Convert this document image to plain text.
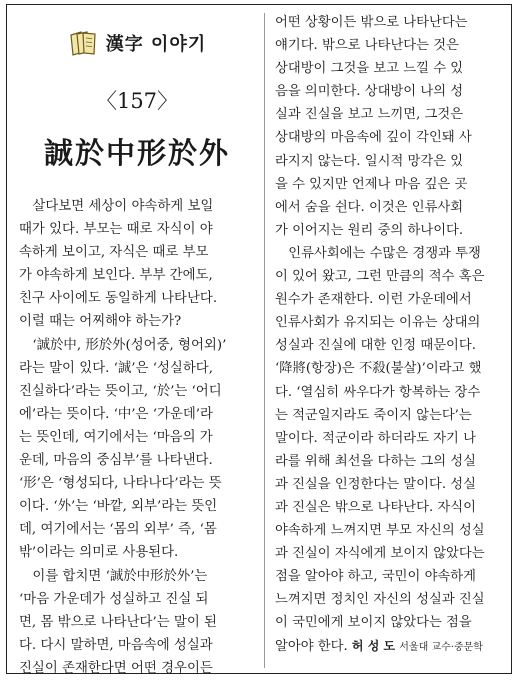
漢字 이야기
〈157〉
誠於中形於外
　살다보면 세상이 야속하게 보일
때가 있다. 부모는 때로 자식이 야
속하게 보이고, 자식은 때로 부모
가 야속하게 보인다. 부부 간에도,
친구 사이에도 동일하게 나타난다.
이럴 때는 어찌해야 하는가?
　‘誠於中, 形於外(성어중, 형어외)’
라는 말이 있다. ‘誠’은 ‘성실하다,
진실하다’라는 뜻이고, ‘於’는 ‘어디
에’라는 뜻이다. ‘中’은 ‘가운데’라
는 뜻인데, 여기에서는 ‘마음의 가
운데, 마음의 중심부’를 나타낸다.
‘形’은 ‘형성되다, 나타나다’라는 뜻
이다. ‘外’는 ‘바깥, 외부’라는 뜻인
데, 여기에서는 ‘몸의 외부’ 즉, ‘몸
밖’이라는 의미로 사용된다.
　이를 합치면 ‘誠於中形於外’는
‘마음 가운데가 성실하고 진실 되
면, 몸 밖으로 나타난다’는 말이 된
다. 다시 말하면, 마음속에 성실과
진실이 존재한다면 어떤 경우이든
어떤 상황이든 밖으로 나타난다는
얘기다. 밖으로 나타난다는 것은
상대방이 그것을 보고 느낄 수 있
음을 의미한다. 상대방이 나의 성
실과 진실을 보고 느끼면, 그것은
상대방의 마음속에 깊이 각인돼 사
라지지 않는다. 일시적 망각은 있
을 수 있지만 언제나 마음 깊은 곳
에서 숨을 쉰다. 이것은 인류사회
가 이어지는 원리 중의 하나이다.
　인류사회에는 수많은 경쟁과 투쟁
이 있어 왔고, 그런 만큼의 적수 혹은
원수가 존재한다. 이런 가운데에서
인류사회가 유지되는 이유는 상대의
성실과 진실에 대한 인정 때문이다.
‘降將(항장)은 不殺(불살)’이라고 했
다. ‘열심히 싸우다가 항복하는 장수
는 적군일지라도 죽이지 않는다’는
말이다. 적군이라 하더라도 자기 나
라를 위해 최선을 다하는 그의 성실
과 진실을 인정한다는 말이다. 성실
과 진실은 밖으로 나타난다. 자식이
야속하게 느껴지면 부모 자신의 성실
과 진실이 자식에게 보이지 않았다는
점을 알아야 하고, 국민이 야속하게
느껴지면 정치인 자신의 성실과 진실
이 국민에게 보이지 않았다는 점을
알아야 한다. 허 성 도 서울대 교수·중문학
